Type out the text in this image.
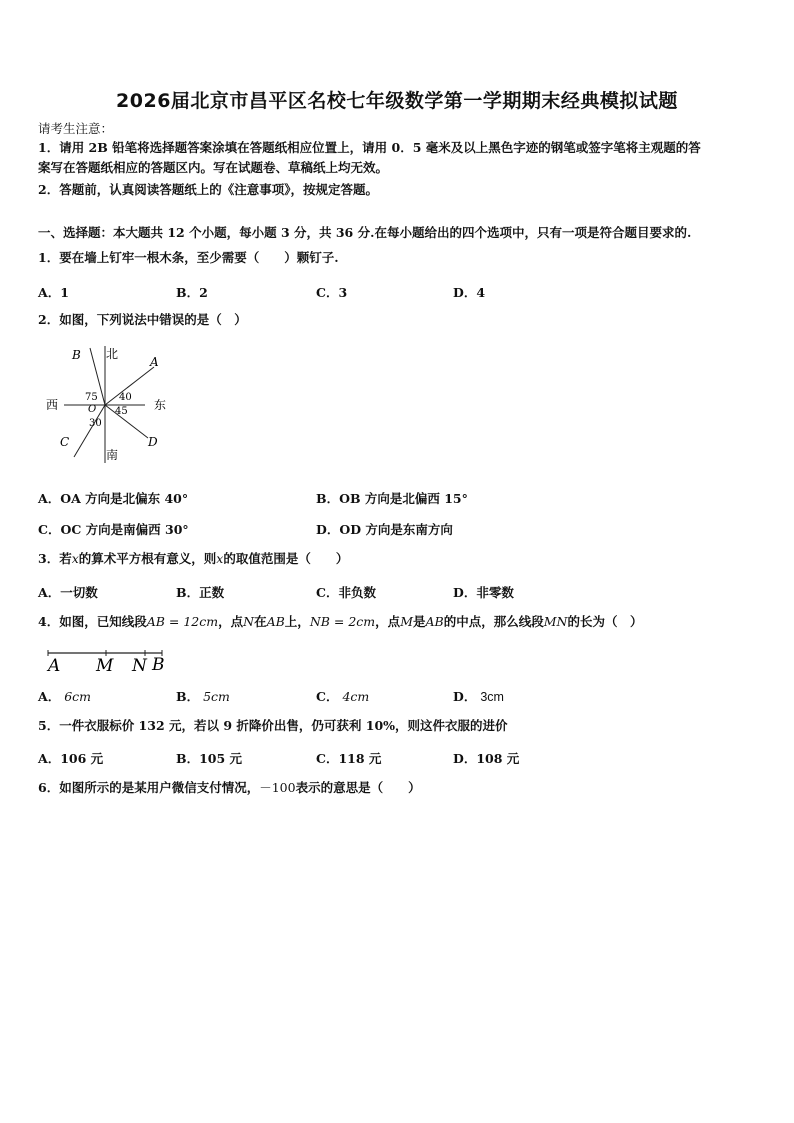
2026届北京市昌平区名校七年级数学第一学期期末经典模拟试题
请考生注意：
1．请用 2B 铅笔将选择题答案涂填在答题纸相应位置上，请用 0．5 毫米及以上黑色字迹的钢笔或签字笔将主观题的答
案写在答题纸相应的答题区内。写在试题卷、草稿纸上均无效。
2．答题前，认真阅读答题纸上的《注意事项》，按规定答题。
一、选择题：本大题共 12 个小题，每小题 3 分，共 36 分.在每小题给出的四个选项中，只有一项是符合题目要求的.
1．要在墙上钉牢一根木条，至少需要（　　）颗钉子.
A．1	B．2	C．3	D．4
2．如图，下列说法中错误的是（　）
北
南
西	东
A
B
C	D
O
75 40
45
30
A．OA 方向是北偏东 40°	B．OB 方向是北偏西 15°
C．OC 方向是南偏西 30°	D．OD 方向是东南方向
3．若x的算术平方根有意义，则x的取值范围是（　　）
A．一切数	B．正数	C．非负数	D．非零数
4．如图，已知线段AB = 12cm，点N在AB上，NB = 2cm，点M是AB的中点，那么线段MN的长为（　）
A M N B
A． 6cm	B． 5cm	C． 4cm	D． 3cm
5．一件衣服标价 132 元，若以 9 折降价出售，仍可获利 10%，则这件衣服的进价
A．106 元	B．105 元	C．118 元	D．108 元
6．如图所示的是某用户微信支付情况，－100表示的意思是（　　）
